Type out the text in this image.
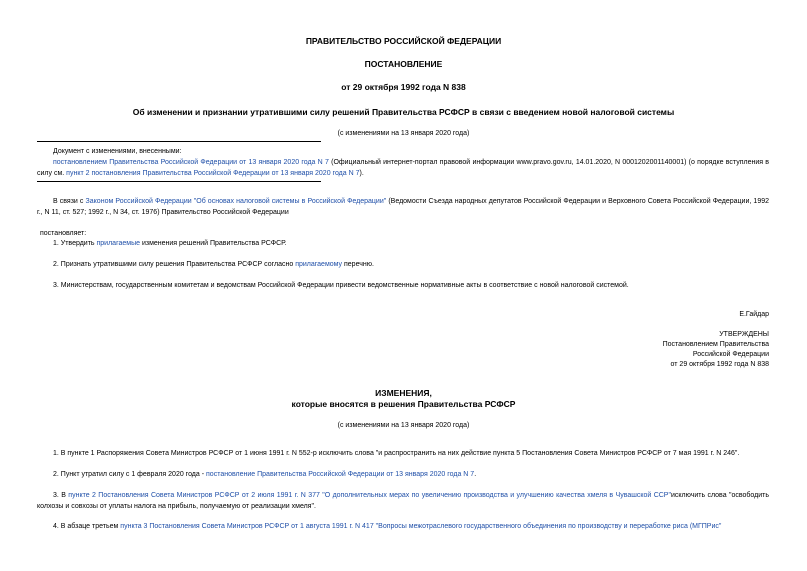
ПРАВИТЕЛЬСТВО РОССИЙСКОЙ ФЕДЕРАЦИИ
ПОСТАНОВЛЕНИЕ
от 29 октября 1992 года N 838
Об изменении и признании утратившими силу решений Правительства РСФСР в связи с введением новой налоговой системы
(с изменениями на 13 января 2020 года)
Документ с изменениями, внесенными:
постановлением Правительства Российской Федерации от 13 января 2020 года N 7 (Официальный интернет-портал правовой информации www.pravo.gov.ru, 14.01.2020, N 0001202001140001) (о порядке вступления в силу см. пункт 2 постановления Правительства Российской Федерации от 13 января 2020 года N 7).
В связи с Законом Российской Федерации "Об основах налоговой системы в Российской Федерации" (Ведомости Съезда народных депутатов Российской Федерации и Верховного Совета Российской Федерации, 1992 г., N 11, ст. 527; 1992 г., N 34, ст. 1976) Правительство Российской Федерации
постановляет:
1. Утвердить прилагаемые изменения решений Правительства РСФСР.
2. Признать утратившими силу решения Правительства РСФСР согласно прилагаемому перечню.
3. Министерствам, государственным комитетам и ведомствам Российской Федерации привести ведомственные нормативные акты в соответствие с новой налоговой системой.
Е.Гайдар
УТВЕРЖДЕНЫ
Постановлением Правительства
Российской Федерации
от 29 октября 1992 года N 838
ИЗМЕНЕНИЯ,
которые вносятся в решения Правительства РСФСР
(с изменениями на 13 января 2020 года)
1. В пункте 1 Распоряжения Совета Министров РСФСР от 1 июня 1991 г. N 552-р исключить слова "и распространить на них действие пункта 5 Постановления Совета Министров РСФСР от 7 мая 1991 г. N 246".
2. Пункт утратил силу с 1 февраля 2020 года - постановление Правительства Российской Федерации от 13 января 2020 года N 7.
3. В пункте 2 Постановления Совета Министров РСФСР от 2 июля 1991 г. N 377 "О дополнительных мерах по увеличению производства и улучшению качества хмеля в Чувашской ССР"исключить слова "освободить колхозы и совхозы от уплаты налога на прибыль, получаемую от реализации хмеля".
4. В абзаце третьем пункта 3 Постановления Совета Министров РСФСР от 1 августа 1991 г. N 417 "Вопросы межотраслевого государственного объединения по производству и переработке риса (МГПРис"
